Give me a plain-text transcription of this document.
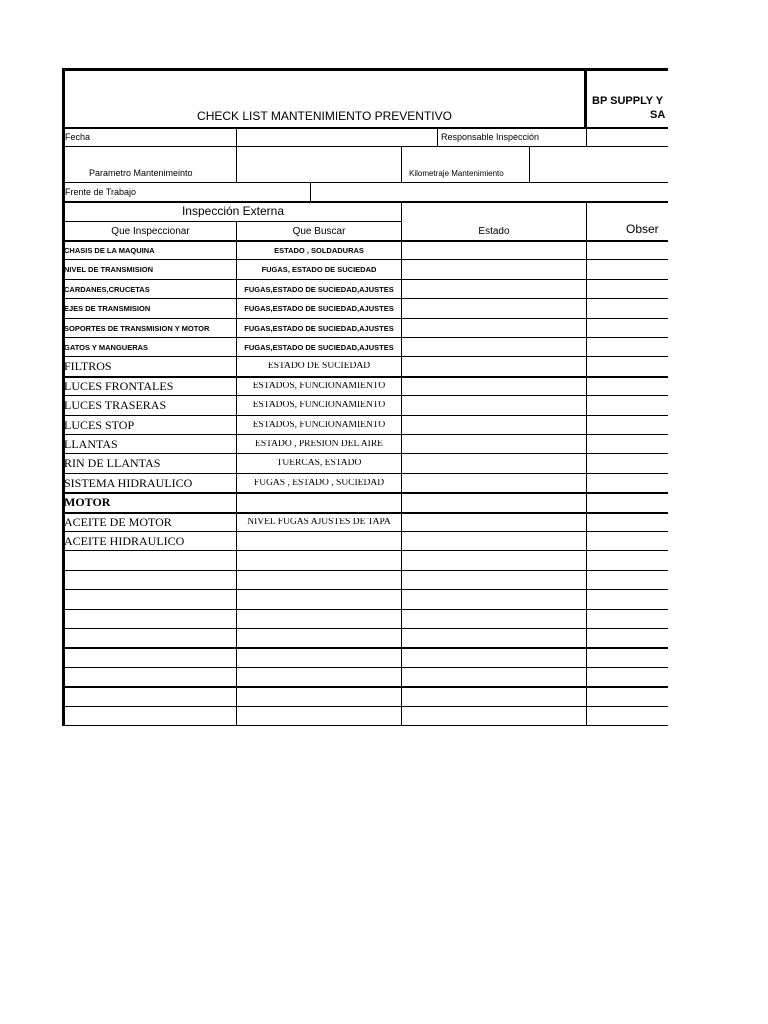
CHECK LIST MANTENIMIENTO PREVENTIVO
BP SUPPLY Y
SA
Fecha	Responsable Inspección
Parametro Mantenimeinto	Kilometraje Mantenimiento
Frente de Trabajo
Inspección Externa
Que Inspeccionar	Que Buscar	Estado	Obser
CHASIS DE LA MAQUINA	ESTADO , SOLDADURAS
NIVEL DE TRANSMISION	FUGAS, ESTADO DE SUCIEDAD
CARDANES,CRUCETAS	FUGAS,ESTADO DE SUCIEDAD,AJUSTES
EJES DE TRANSMISION	FUGAS,ESTADO DE SUCIEDAD,AJUSTES
SOPORTES DE TRANSMISION Y MOTOR	FUGAS,ESTADO DE SUCIEDAD,AJUSTES
GATOS Y MANGUERAS	FUGAS,ESTADO DE SUCIEDAD,AJUSTES
FILTROS	ESTADO DE SUCIEDAD
LUCES FRONTALES	ESTADOS, FUNCIONAMIENTO
LUCES TRASERAS	ESTADOS, FUNCIONAMIENTO
LUCES STOP	ESTADOS, FUNCIONAMIENTO
LLANTAS	ESTADO , PRESION DEL AIRE
RIN DE LLANTAS	TUERCAS, ESTADO
SISTEMA HIDRAULICO	FUGAS , ESTADO , SUCIEDAD
MOTOR
ACEITE DE MOTOR	NIVEL FUGAS AJUSTES DE TAPA
ACEITE HIDRAULICO
